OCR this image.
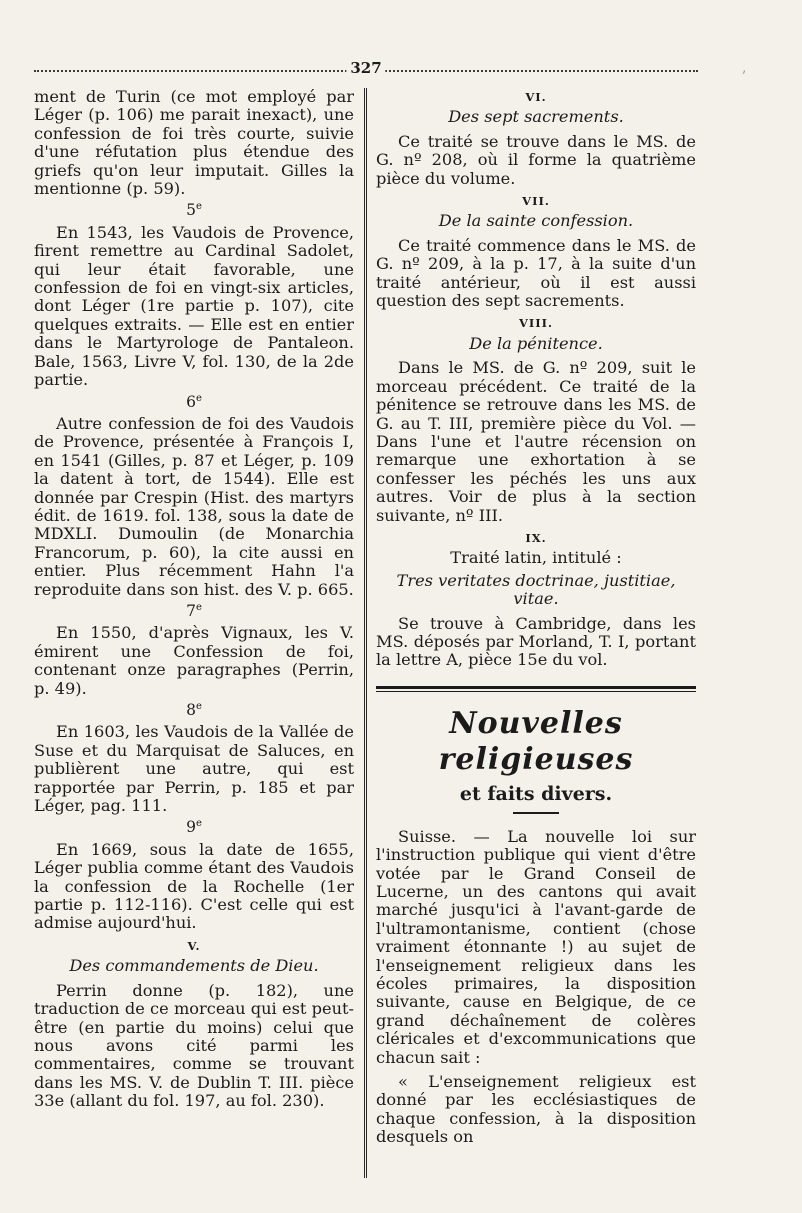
327	,

ment de Turin (ce mot employé par Léger (p. 106) me parait inexact), une confession de foi très courte, suivie d'une réfutation plus étendue des griefs qu'on leur imputait. Gilles la mentionne (p. 59).

5e

En 1543, les Vaudois de Provence, firent remettre au Cardinal Sadolet, qui leur était favorable, une confession de foi en vingt-six articles, dont Léger (1re partie p. 107), cite quelques extraits. — Elle est en entier dans le Martyrologe de Pantaleon. Bale, 1563, Livre V, fol. 130, de la 2de partie.

6e

Autre confession de foi des Vaudois de Provence, présentée à François I, en 1541 (Gilles, p. 87 et Léger, p. 109 la datent à tort, de 1544). Elle est donnée par Crespin (Hist. des martyrs édit. de 1619. fol. 138, sous la date de MDXLI. Dumoulin (de Monarchia Francorum, p. 60), la cite aussi en entier. Plus récemment Hahn l'a reproduite dans son hist. des V. p. 665.

7e

En 1550, d'après Vignaux, les V. émirent une Confession de foi, contenant onze paragraphes (Perrin, p. 49).

8e

En 1603, les Vaudois de la Vallée de Suse et du Marquisat de Saluces, en publièrent une autre, qui est rapportée par Perrin, p. 185 et par Léger, pag. 111.

9e

En 1669, sous la date de 1655, Léger publia comme étant des Vaudois la confession de la Rochelle (1er partie p. 112-116). C'est celle qui est admise aujourd'hui.

V.

Des commandements de Dieu.

Perrin donne (p. 182), une traduction de ce morceau qui est peut-être (en partie du moins) celui que nous avons cité parmi les commentaires, comme se trouvant dans les MS. V. de Dublin T. III. pièce 33e (allant du fol. 197, au fol. 230).

VI.

Des sept sacrements.

Ce traité se trouve dans le MS. de G. nº 208, où il forme la quatrième pièce du volume.

VII.

De la sainte confession.

Ce traité commence dans le MS. de G. nº 209, à la p. 17, à la suite d'un traité antérieur, où il est aussi question des sept sacrements.

VIII.

De la pénitence.

Dans le MS. de G. nº 209, suit le morceau précédent. Ce traité de la pénitence se retrouve dans les MS. de G. au T. III, première pièce du Vol. — Dans l'une et l'autre récension on remarque une exhortation à se confesser les péchés les uns aux autres. Voir de plus à la section suivante, nº III.

IX.

Traité latin, intitulé :

Tres veritates doctrinae, justitiae, vitae.

Se trouve à Cambridge, dans les MS. déposés par Morland, T. I, portant la lettre A, pièce 15e du vol.

Nouvelles religieuses

et faits divers.

Suisse. — La nouvelle loi sur l'instruction publique qui vient d'être votée par le Grand Conseil de Lucerne, un des cantons qui avait marché jusqu'ici à l'avant-garde de l'ultramontanisme, contient (chose vraiment étonnante !) au sujet de l'enseignement religieux dans les écoles primaires, la disposition suivante, cause en Belgique, de ce grand déchaînement de colères cléricales et d'excommunications que chacun sait :

« L'enseignement religieux est donné par les ecclésiastiques de chaque confession, à la disposition desquels on
